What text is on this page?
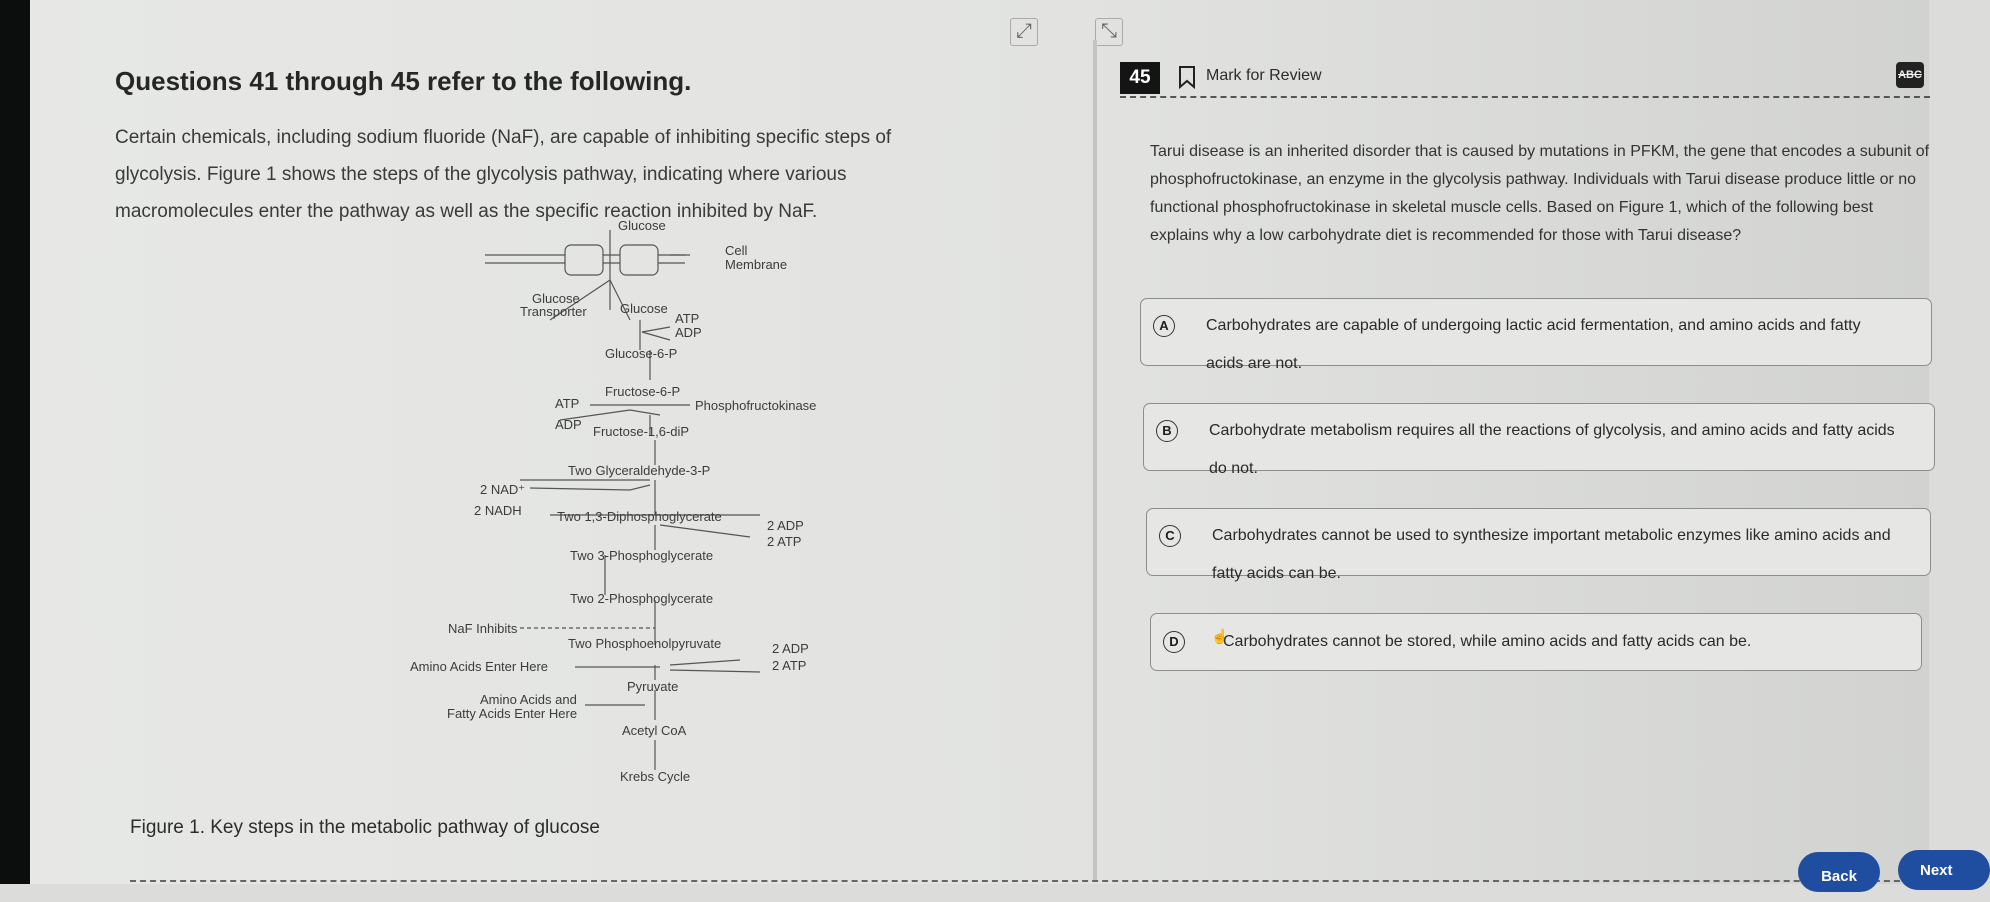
⤢	⤡
Questions 41 through 45 refer to the following.
Certain chemicals, including sodium fluoride (NaF), are capable of inhibiting specific steps of
glycolysis. Figure 1 shows the steps of the glycolysis pathway, indicating where various
macromolecules enter the pathway as well as the specific reaction inhibited by NaF.
Glucose
Cell
Membrane
Glucose
Transporter	Glucose
ATP
ADP
Glucose-6-P
Fructose-6-P
ATP
ADP
Phosphofructokinase
Fructose-1,6-diP
Two Glyceraldehyde-3-P
2 NAD⁺
2 NADH	Two 1,3-Diphosphoglycerate
2 ADP
2 ATP
Two 3-Phosphoglycerate
Two 2-Phosphoglycerate
NaF Inhibits
Two Phosphoenolpyruvate	2 ADP
2 ATP
Amino Acids Enter Here
Pyruvate
Amino Acids and
Fatty Acids Enter Here
Acetyl CoA
Krebs Cycle
Figure 1. Key steps in the metabolic pathway of glucose
45	Mark for Review	ABC
Tarui disease is an inherited disorder that is caused by mutations in PFKM, the gene that encodes a subunit of phosphofructokinase, an enzyme in the glycolysis pathway. Individuals with Tarui disease produce little or no functional phosphofructokinase in skeletal muscle cells. Based on Figure 1, which of the following best explains why a low carbohydrate diet is recommended for those with Tarui disease?
A	Carbohydrates are capable of undergoing lactic acid fermentation, and amino acids and fatty acids are not.
B	Carbohydrate metabolism requires all the reactions of glycolysis, and amino acids and fatty acids do not.
C	Carbohydrates cannot be used to synthesize important metabolic enzymes like amino acids and fatty acids can be.
D	Carbohydrates cannot be stored, while amino acids and fatty acids can be.
☝
Back	Next
